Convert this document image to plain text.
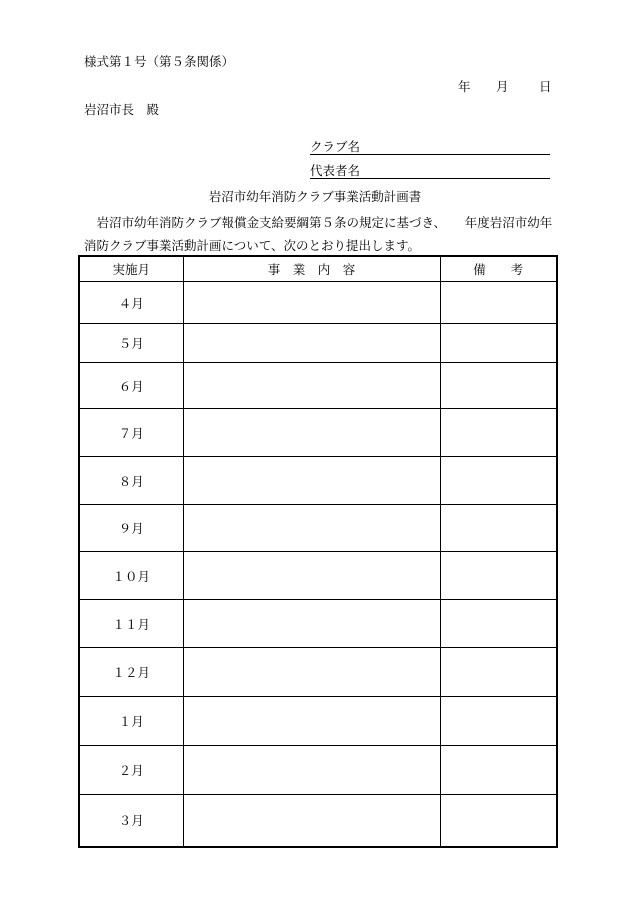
様式第１号（第５条関係）
年 月 日
岩沼市長　殿
クラブ名
代表者名
岩沼市幼年消防クラブ事業活動計画書
岩沼市幼年消防クラブ報償金支給要綱第５条の規定に基づき、　　年度岩沼市幼年消防クラブ事業活動計画について、次のとおり提出します。
実施月	事　業　内　容	備　　考
４月		
５月		
６月		
７月		
８月		
９月		
１０月		
１１月		
１２月		
１月		
２月		
３月		
